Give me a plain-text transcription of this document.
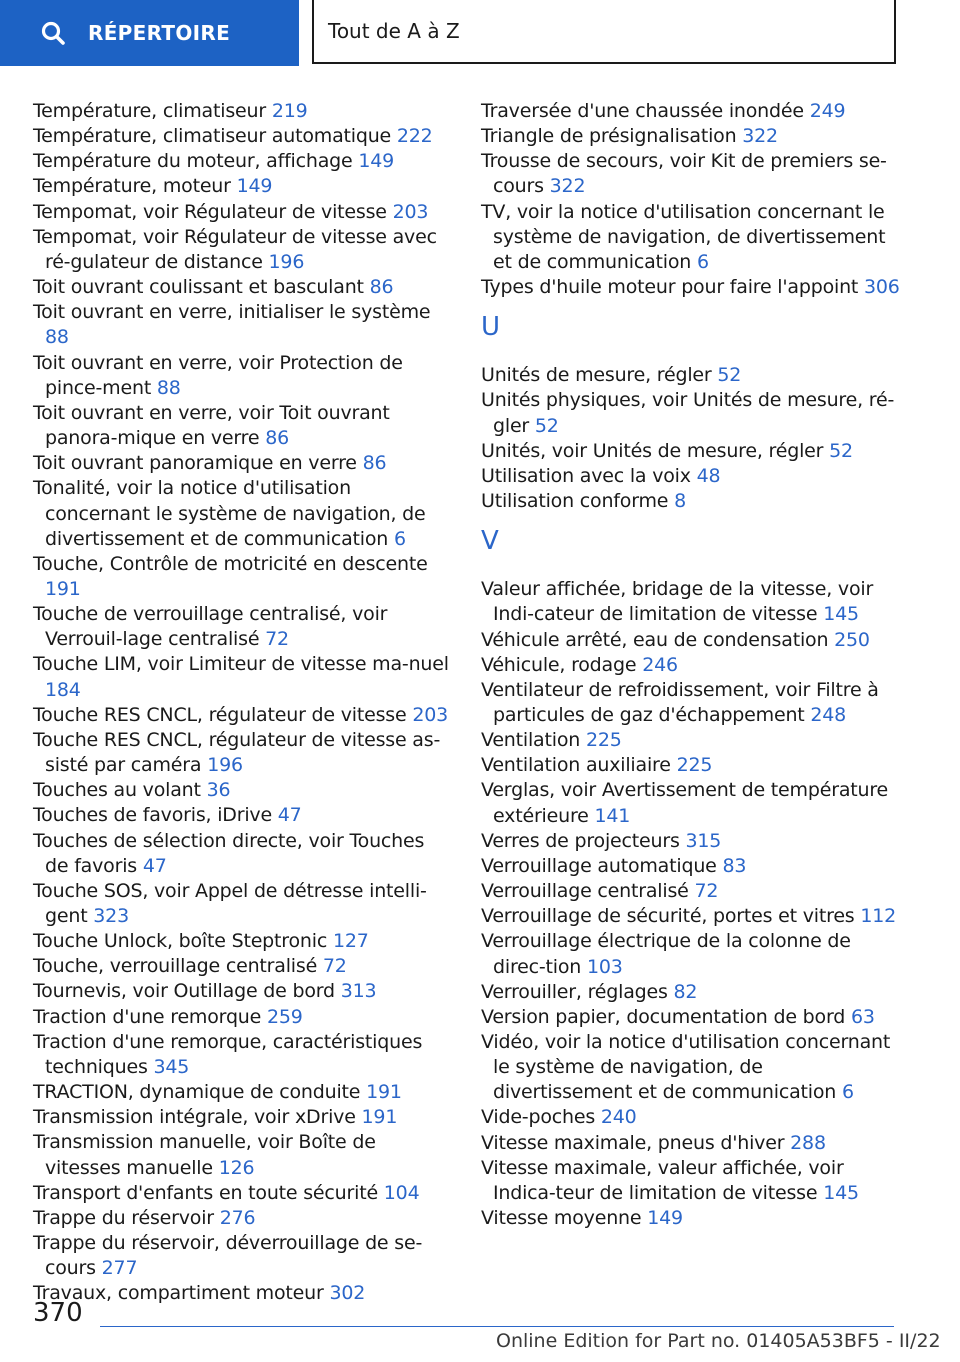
RÉPERTOIRE	Tout de A à Z

Température, climatiseur 219

Température, climatiseur automatique 222

Température du moteur, affichage 149

Température, moteur 149

Tempomat, voir Régulateur de vitesse 203

Tempomat, voir Régulateur de vitesse avec ré-gulateur de distance 196

Toit ouvrant coulissant et basculant 86

Toit ouvrant en verre, initialiser le système 88

Toit ouvrant en verre, voir Protection de pince-ment 88

Toit ouvrant en verre, voir Toit ouvrant panora-mique en verre 86

Toit ouvrant panoramique en verre 86

Tonalité, voir la notice d'utilisation concernant le système de navigation, de divertissement et de communication 6

Touche, Contrôle de motricité en descente 191

Touche de verrouillage centralisé, voir Verrouil-lage centralisé 72

Touche LIM, voir Limiteur de vitesse ma-nuel 184

Touche RES CNCL, régulateur de vitesse 203

Touche RES CNCL, régulateur de vitesse as-sisté par caméra 196

Touches au volant 36

Touches de favoris, iDrive 47

Touches de sélection directe, voir Touches de favoris 47

Touche SOS, voir Appel de détresse intelli-gent 323

Touche Unlock, boîte Steptronic 127

Touche, verrouillage centralisé 72

Tournevis, voir Outillage de bord 313

Traction d'une remorque 259

Traction d'une remorque, caractéristiques techniques 345

TRACTION, dynamique de conduite 191

Transmission intégrale, voir xDrive 191

Transmission manuelle, voir Boîte de vitesses manuelle 126

Transport d'enfants en toute sécurité 104

Trappe du réservoir 276

Trappe du réservoir, déverrouillage de se-cours 277

Travaux, compartiment moteur 302

Traversée d'une chaussée inondée 249

Triangle de présignalisation 322

Trousse de secours, voir Kit de premiers se-cours 322

TV, voir la notice d'utilisation concernant le système de navigation, de divertissement et de communication 6

Types d'huile moteur pour faire l'appoint 306

U

Unités de mesure, régler 52

Unités physiques, voir Unités de mesure, ré-gler 52

Unités, voir Unités de mesure, régler 52

Utilisation avec la voix 48

Utilisation conforme 8

V

Valeur affichée, bridage de la vitesse, voir Indi-cateur de limitation de vitesse 145

Véhicule arrêté, eau de condensation 250

Véhicule, rodage 246

Ventilateur de refroidissement, voir Filtre à particules de gaz d'échappement 248

Ventilation 225

Ventilation auxiliaire 225

Verglas, voir Avertissement de température extérieure 141

Verres de projecteurs 315

Verrouillage automatique 83

Verrouillage centralisé 72

Verrouillage de sécurité, portes et vitres 112

Verrouillage électrique de la colonne de direc-tion 103

Verrouiller, réglages 82

Version papier, documentation de bord 63

Vidéo, voir la notice d'utilisation concernant le système de navigation, de divertissement et de communication 6

Vide-poches 240

Vitesse maximale, pneus d'hiver 288

Vitesse maximale, valeur affichée, voir Indica-teur de limitation de vitesse 145

Vitesse moyenne 149

370
Online Edition for Part no. 01405A53BF5 - II/22
